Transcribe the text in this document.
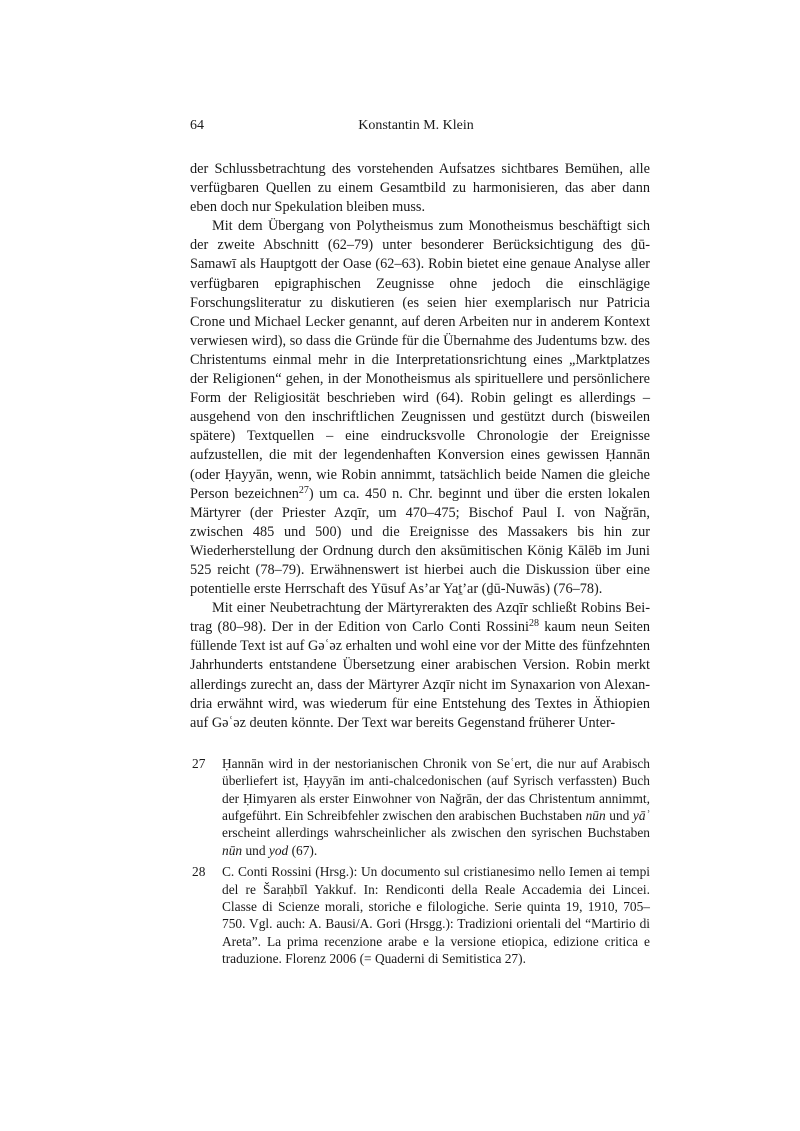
64	Konstantin M. Klein

der Schlussbetrachtung des vorstehenden Aufsatzes sichtbares Bemühen, alle verfügbaren Quellen zu einem Gesamtbild zu harmonisieren, das aber dann eben doch nur Spekulation bleiben muss.

Mit dem Übergang von Polytheismus zum Monotheismus beschäftigt sich der zweite Abschnitt (62–79) unter besonderer Berücksichtigung des ḏū-Samawī als Hauptgott der Oase (62–63). Robin bietet eine genaue Analyse aller verfügbaren epigraphischen Zeugnisse ohne jedoch die einschlägige Forschungsliteratur zu diskutieren (es seien hier exemplarisch nur Patricia Crone und Michael Lecker genannt, auf deren Arbeiten nur in anderem Kontext verwiesen wird), so dass die Gründe für die Übernahme des Judentums bzw. des Christentums einmal mehr in die Interpretationsrichtung eines „Marktplatzes der Religionen“ gehen, in der Monotheismus als spirituellere und persönlichere Form der Religiosität beschrieben wird (64). Robin gelingt es allerdings – ausgehend von den inschriftlichen Zeugnissen und gestützt durch (bisweilen spätere) Textquellen – eine eindrucksvolle Chronologie der Ereignisse aufzustellen, die mit der legendenhaften Konversion eines gewissen Ḥannān (oder Ḥayyān, wenn, wie Robin annimmt, tatsächlich beide Namen die gleiche Person bezeichnen$^{27}$) um ca. 450 n. Chr. beginnt und über die ersten lokalen Märtyrer (der Priester Azqīr, um 470–475; Bischof Paul I. von Naǧrān, zwischen 485 und 500) und die Ereignisse des Massakers bis hin zur Wiederherstellung der Ordnung durch den aksūmitischen König Kālēb im Juni 525 reicht (78–79). Erwähnenswert ist hierbei auch die Diskussion über eine potentielle erste Herrschaft des Yūsuf As’ar Yaṯ’ar (ḏū-Nuwās) (76–78).

Mit einer Neubetrachtung der Märtyrerakten des Azqīr schließt Robins Beitrag (80–98). Der in der Edition von Carlo Conti Rossini$^{28}$ kaum neun Seiten füllende Text ist auf Gəʿəz erhalten und wohl eine vor der Mitte des fünfzehnten Jahrhunderts entstandene Übersetzung einer arabischen Version. Robin merkt allerdings zurecht an, dass der Märtyrer Azqīr nicht im Synaxarion von Alexandria erwähnt wird, was wiederum für eine Entstehung des Textes in Äthiopien auf Gəʿəz deuten könnte. Der Text war bereits Gegenstand früherer Unter-

27	Ḥannān wird in der nestorianischen Chronik von Seʿert, die nur auf Arabisch überliefert ist, Ḥayyān im anti-chalcedonischen (auf Syrisch verfassten) Buch der Ḥimyaren als erster Einwohner von Naǧrān, der das Christentum annimmt, aufgeführt. Ein Schreibfehler zwischen den arabischen Buchstaben nūn und yāʾ erscheint allerdings wahrscheinlicher als zwischen den syrischen Buchstaben nūn und yod (67).
28	C. Conti Rossini (Hrsg.): Un documento sul cristianesimo nello Iemen ai tempi del re Šaraḥbīl Yakkuf. In: Rendiconti della Reale Accademia dei Lincei. Classe di Scienze morali, storiche e filologiche. Serie quinta 19, 1910, 705–750. Vgl. auch: A. Bausi/A. Gori (Hrsgg.): Tradizioni orientali del “Martirio di Areta”. La prima recenzione arabe e la versione etiopica, edizione critica e traduzione. Florenz 2006 (= Quaderni di Semitistica 27).
